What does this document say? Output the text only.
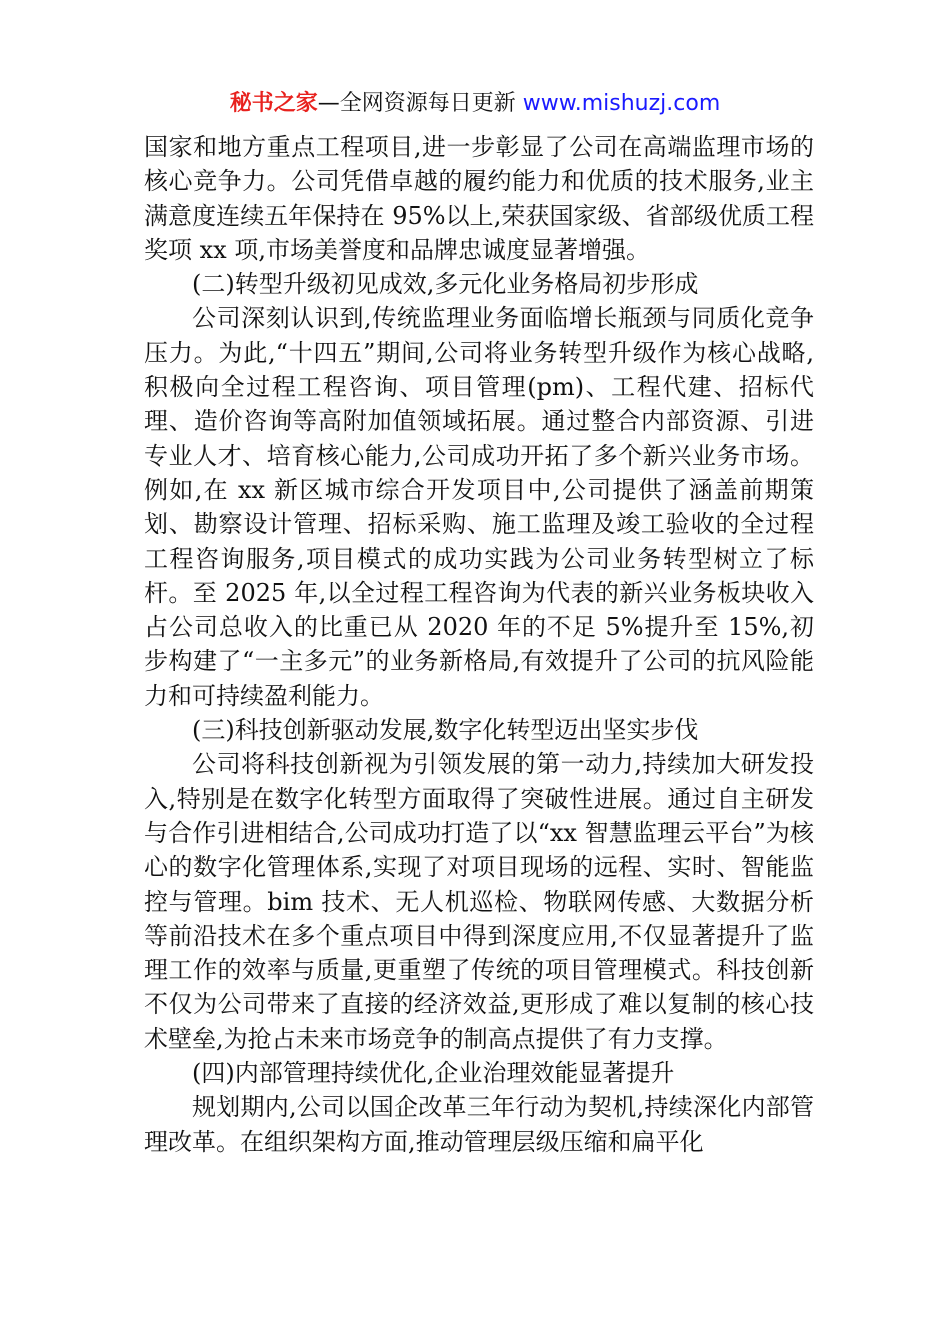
秘书之家—全网资源每日更新 www.mishuzj.com

国家和地方重点工程项目,进一步彰显了公司在高端监理市场的核心竞争力。公司凭借卓越的履约能力和优质的技术服务,业主满意度连续五年保持在 95%以上,荣获国家级、省部级优质工程奖项 xx 项,市场美誉度和品牌忠诚度显著增强。

(二)转型升级初见成效,多元化业务格局初步形成

公司深刻认识到,传统监理业务面临增长瓶颈与同质化竞争压力。为此,“十四五”期间,公司将业务转型升级作为核心战略,积极向全过程工程咨询、项目管理(pm)、工程代建、招标代理、造价咨询等高附加值领域拓展。通过整合内部资源、引进专业人才、培育核心能力,公司成功开拓了多个新兴业务市场。例如,在 xx 新区城市综合开发项目中,公司提供了涵盖前期策划、勘察设计管理、招标采购、施工监理及竣工验收的全过程工程咨询服务,项目模式的成功实践为公司业务转型树立了标杆。至 2025 年,以全过程工程咨询为代表的新兴业务板块收入占公司总收入的比重已从 2020 年的不足 5%提升至 15%,初步构建了“一主多元”的业务新格局,有效提升了公司的抗风险能力和可持续盈利能力。

(三)科技创新驱动发展,数字化转型迈出坚实步伐

公司将科技创新视为引领发展的第一动力,持续加大研发投入,特别是在数字化转型方面取得了突破性进展。通过自主研发与合作引进相结合,公司成功打造了以“xx 智慧监理云平台”为核心的数字化管理体系,实现了对项目现场的远程、实时、智能监控与管理。bim 技术、无人机巡检、物联网传感、大数据分析等前沿技术在多个重点项目中得到深度应用,不仅显著提升了监理工作的效率与质量,更重塑了传统的项目管理模式。科技创新不仅为公司带来了直接的经济效益,更形成了难以复制的核心技术壁垒,为抢占未来市场竞争的制高点提供了有力支撑。

(四)内部管理持续优化,企业治理效能显著提升

规划期内,公司以国企改革三年行动为契机,持续深化内部管理改革。在组织架构方面,推动管理层级压缩和扁平化
